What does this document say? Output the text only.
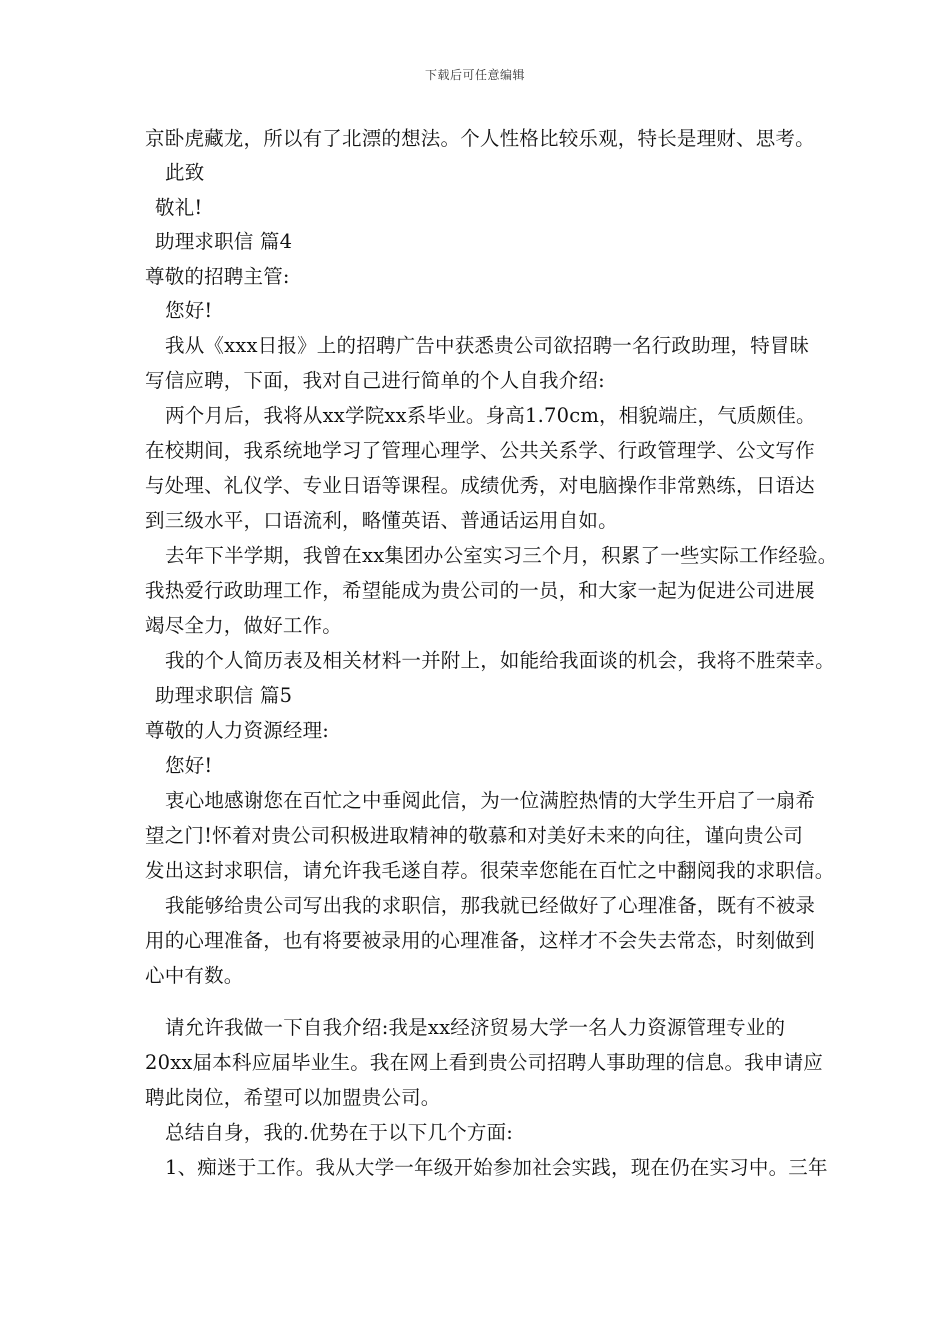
下载后可任意编辑
京卧虎藏龙，所以有了北漂的想法。个人性格比较乐观，特长是理财、思考。
此致
敬礼!
助理求职信 篇4
尊敬的招聘主管:
您好!
我从《xxx日报》上的招聘广告中获悉贵公司欲招聘一名行政助理，特冒昧
写信应聘，下面，我对自己进行简单的个人自我介绍:
两个月后，我将从xx学院xx系毕业。身高1.70cm，相貌端庄，气质颇佳。
在校期间，我系统地学习了管理心理学、公共关系学、行政管理学、公文写作
与处理、礼仪学、专业日语等课程。成绩优秀，对电脑操作非常熟练，日语达
到三级水平，口语流利，略懂英语、普通话运用自如。
去年下半学期，我曾在xx集团办公室实习三个月，积累了一些实际工作经验。
我热爱行政助理工作，希望能成为贵公司的一员，和大家一起为促进公司进展
竭尽全力，做好工作。
我的个人简历表及相关材料一并附上，如能给我面谈的机会，我将不胜荣幸。
助理求职信 篇5
尊敬的人力资源经理:
您好!
衷心地感谢您在百忙之中垂阅此信，为一位满腔热情的大学生开启了一扇希
望之门!怀着对贵公司积极进取精神的敬慕和对美好未来的向往，谨向贵公司
发出这封求职信，请允许我毛遂自荐。很荣幸您能在百忙之中翻阅我的求职信。
我能够给贵公司写出我的求职信，那我就已经做好了心理准备，既有不被录
用的心理准备，也有将要被录用的心理准备，这样才不会失去常态，时刻做到
心中有数。
请允许我做一下自我介绍:我是xx经济贸易大学一名人力资源管理专业的
20xx届本科应届毕业生。我在网上看到贵公司招聘人事助理的信息。我申请应
聘此岗位，希望可以加盟贵公司。
总结自身，我的.优势在于以下几个方面:
1、痴迷于工作。我从大学一年级开始参加社会实践，现在仍在实习中。三年
